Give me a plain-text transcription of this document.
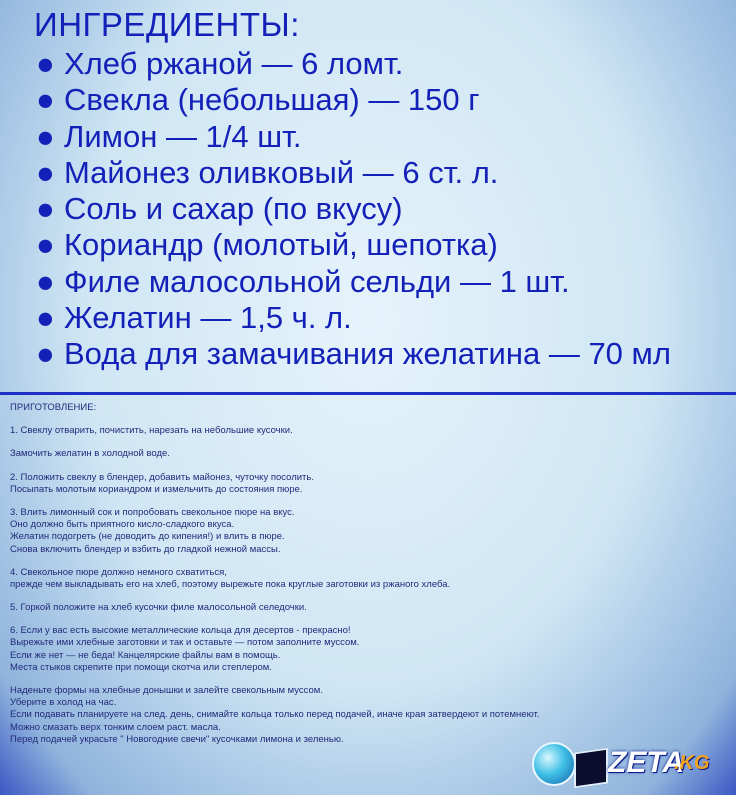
ИНГРЕДИЕНТЫ:
● Хлеб ржаной — 6 ломт.
● Свекла (небольшая) — 150 г
● Лимон — 1/4 шт.
● Майонез оливковый — 6 ст. л.
● Соль и сахар (по вкусу)
● Кориандр (молотый, шепотка)
● Филе малосольной сельди — 1 шт.
● Желатин — 1,5 ч. л.
● Вода для замачивания желатина — 70 мл
ПРИГОТОВЛЕНИЕ:
1. Свеклу отварить, почистить, нарезать на небольшие кусочки.
Замочить желатин в холодной воде.
2. Положить свеклу в блендер, добавить майонез, чуточку посолить.
Посыпать молотым кориандром и измельчить до состояния пюре.
3. Влить лимонный сок и попробовать свекольное пюре на вкус.
Оно должно быть приятного кисло-сладкого вкуса.
Желатин подогреть (не доводить до кипения!) и влить в пюре.
Снова включить блендер и взбить до гладкой нежной массы.
4. Свекольное пюре должно немного схватиться,
прежде чем выкладывать его на хлеб, поэтому вырежьте пока круглые заготовки из ржаного хлеба.
5. Горкой положите на хлеб кусочки филе малосольной селедочки.
6. Если у вас есть высокие металлические кольца для десертов - прекрасно!
Вырежьте ими хлебные заготовки и так и оставьте — потом заполните муссом.
Если же нет — не беда! Канцелярские файлы вам в помощь.
Места стыков скрепите при помощи скотча или степлером.
Наденьте формы на хлебные донышки и залейте свекольным муссом.
Уберите в холод на час.
Если подавать планируете на след. день, снимайте кольца только перед подачей, иначе края затвердеют и потемнеют.
Можно смазать верх тонким слоем раст. масла.
Перед подачей украсьте " Новогодние свечи" кусочками лимона и зеленью.
ZETA
.KG
